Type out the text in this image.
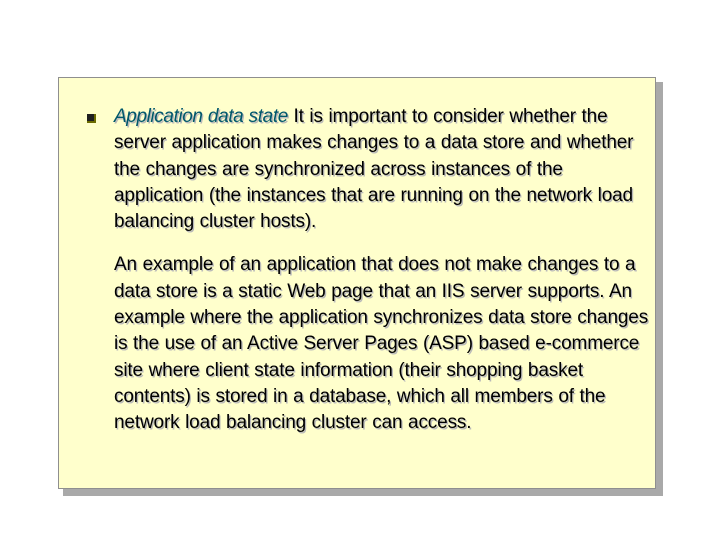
Application data state It is important to consider whether the server application makes changes to a data store and whether the changes are synchronized across instances of the application (the instances that are running on the network load balancing cluster hosts).

An example of an application that does not make changes to a data store is a static Web page that an IIS server supports. An example where the application synchronizes data store changes is the use of an Active Server Pages (ASP) based e-commerce site where client state information (their shopping basket contents) is stored in a database, which all members of the network load balancing cluster can access.
